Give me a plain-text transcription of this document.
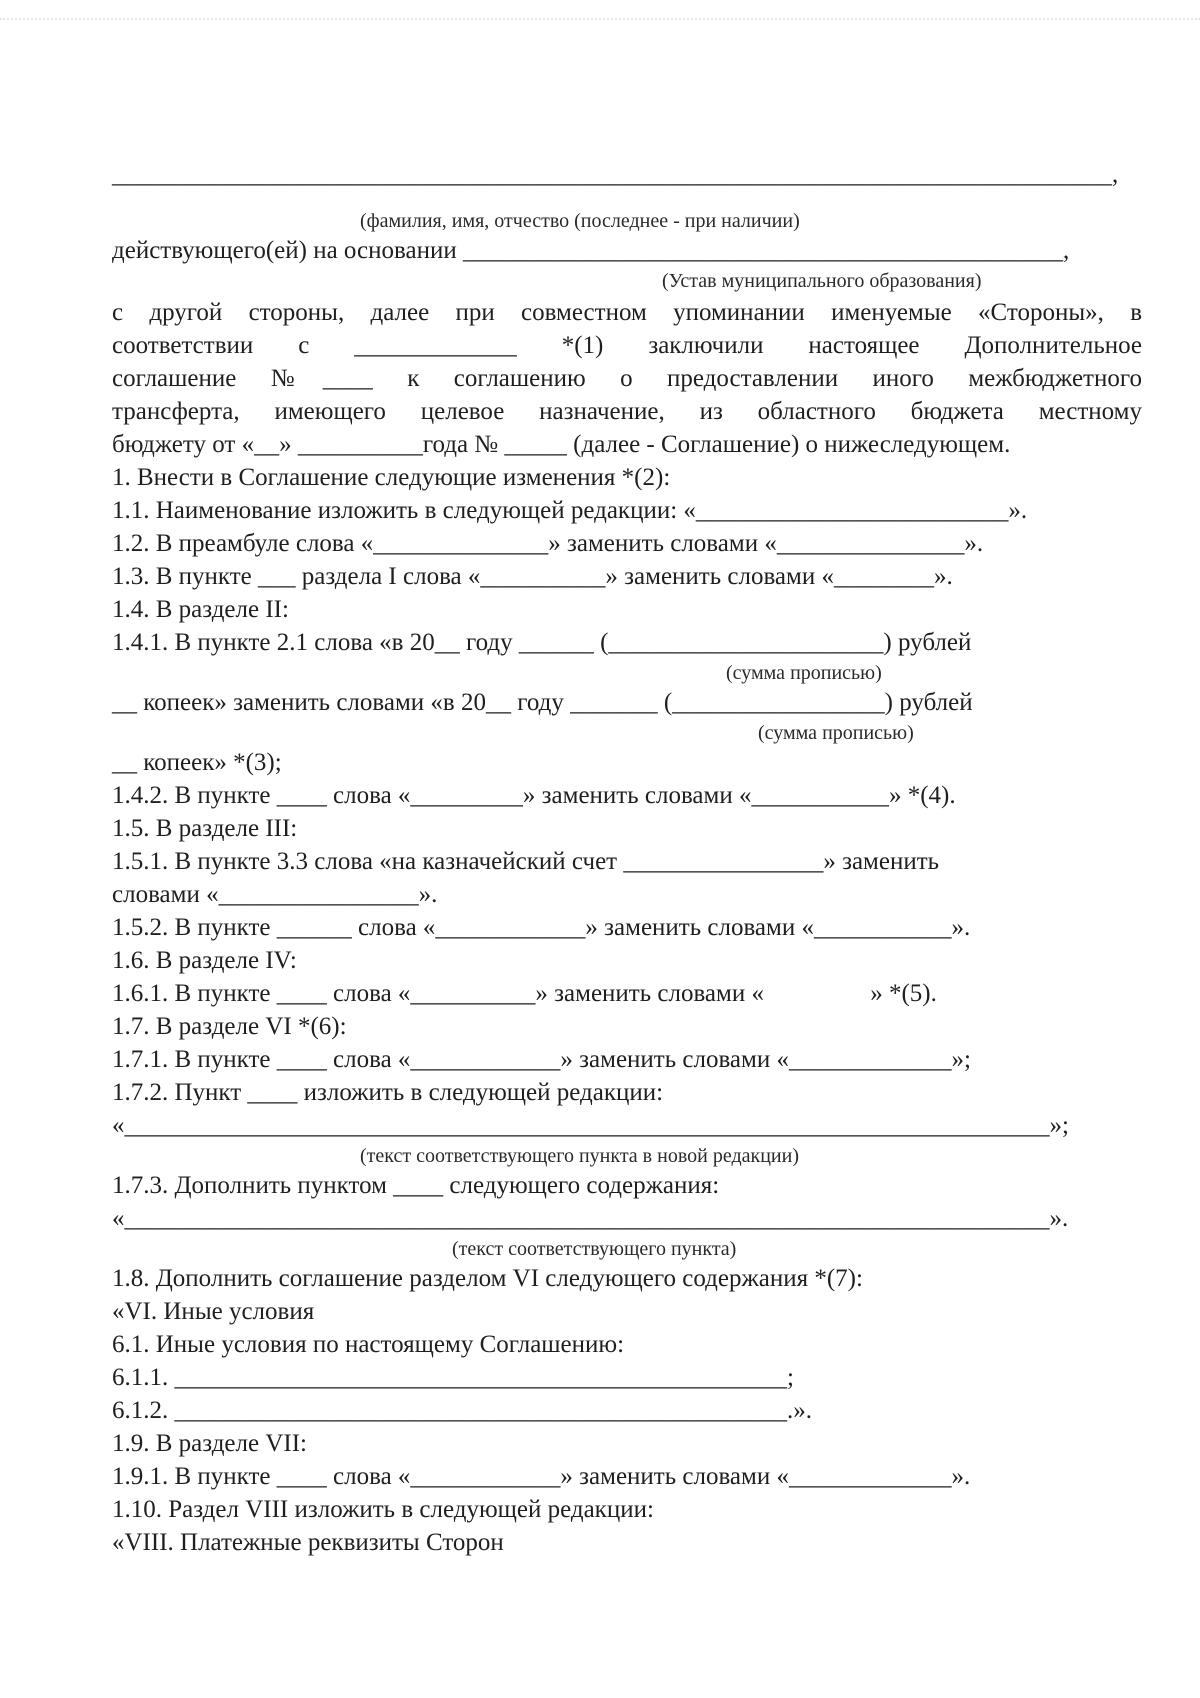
________________________________________________________________________________,
(фамилия, имя, отчество (последнее - при наличии)
действующего(ей) на основании ________________________________________________,
(Устав муниципального образования)
с другой стороны, далее при совместном упоминании именуемые «Стороны», в
соответствии с _____________ *(1) заключили настоящее Дополнительное
соглашение №____ к соглашению о предоставлении иного межбюджетного
трансферта, имеющего целевое назначение, из областного бюджета местному
бюджету от «__» __________года № _____ (далее - Соглашение) о нижеследующем.
1. Внести в Соглашение следующие изменения *(2):
1.1. Наименование изложить в следующей редакции: «_________________________».
1.2. В преамбуле слова «______________» заменить словами «_______________».
1.3. В пункте ___ раздела I слова «__________» заменить словами «________».
1.4. В разделе II:
1.4.1. В пункте 2.1 слова «в 20__ году ______ (______________________) рублей
(сумма прописью)
__ копеек» заменить словами «в 20__ году _______ (_________________) рублей
(сумма прописью)
__ копеек» *(3);
1.4.2. В пункте ____ слова «_________» заменить словами «___________» *(4).
1.5. В разделе III:
1.5.1. В пункте 3.3 слова «на казначейский счет ________________» заменить
словами «________________».
1.5.2. В пункте ______ слова «____________» заменить словами «___________».
1.6. В разделе IV:
1.6.1. В пункте ____ слова «__________» заменить словами «                 » *(5).
1.7. В разделе VI *(6):
1.7.1. В пункте ____ слова «____________» заменить словами «_____________»;
1.7.2. Пункт ____ изложить в следующей редакции:
«__________________________________________________________________________»;
(текст соответствующего пункта в новой редакции)
1.7.3. Дополнить пунктом ____ следующего содержания:
«__________________________________________________________________________».
(текст соответствующего пункта)
1.8. Дополнить соглашение разделом VI следующего содержания *(7):
«VI. Иные условия
6.1. Иные условия по настоящему Соглашению:
6.1.1. _________________________________________________;
6.1.2. _________________________________________________.».
1.9. В разделе VII:
1.9.1. В пункте ____ слова «____________» заменить словами «_____________».
1.10. Раздел VIII изложить в следующей редакции:
«VIII. Платежные реквизиты Сторон
